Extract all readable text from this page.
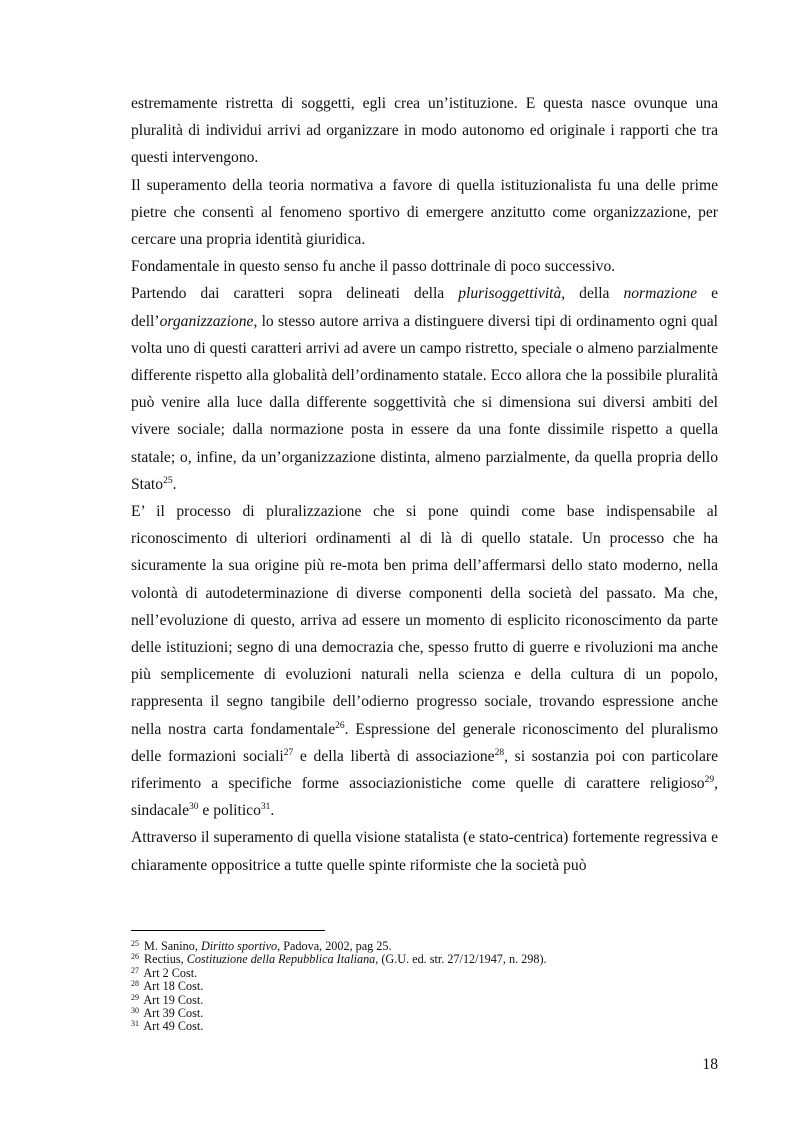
estremamente ristretta di soggetti, egli crea un’istituzione. E questa nasce ovunque una pluralità di individui arrivi ad organizzare in modo autonomo ed originale i rapporti che tra questi intervengono.

Il superamento della teoria normativa a favore di quella istituzionalista fu una delle prime pietre che consentì al fenomeno sportivo di emergere anzitutto come organizzazione, per cercare una propria identità giuridica.

Fondamentale in questo senso fu anche il passo dottrinale di poco successivo.

Partendo dai caratteri sopra delineati della plurisoggettività, della normazione e dell’organizzazione, lo stesso autore arriva a distinguere diversi tipi di ordinamento ogni qual volta uno di questi caratteri arrivi ad avere un campo ristretto, speciale o almeno parzialmente differente rispetto alla globalità dell’ordinamento statale. Ecco allora che la possibile pluralità può venire alla luce dalla differente soggettività che si dimensiona sui diversi ambiti del vivere sociale; dalla normazione posta in essere da una fonte dissimile rispetto a quella statale; o, infine, da un’organizzazione distinta, almeno parzialmente, da quella propria dello Stato$^{25}$.

E’ il processo di pluralizzazione che si pone quindi come base indispensabile al riconoscimento di ulteriori ordinamenti al di là di quello statale. Un processo che ha sicuramente la sua origine più re-mota ben prima dell’affermarsi dello stato moderno, nella volontà di autodeterminazione di diverse componenti della società del passato. Ma che, nell’evoluzione di questo, arriva ad essere un momento di esplicito riconoscimento da parte delle istituzioni; segno di una democrazia che, spesso frutto di guerre e rivoluzioni ma anche più semplicemente di evoluzioni naturali nella scienza e della cultura di un popolo, rappresenta il segno tangibile dell’odierno progresso sociale, trovando espressione anche nella nostra carta fondamentale$^{26}$. Espressione del generale riconoscimento del pluralismo delle formazioni sociali$^{27}$ e della libertà di associazione$^{28}$, si sostanzia poi con particolare riferimento a specifiche forme associazionistiche come quelle di carattere religioso$^{29}$, sindacale$^{30}$ e politico$^{31}$.

Attraverso il superamento di quella visione statalista (e stato-centrica) fortemente regressiva e chiaramente oppositrice a tutte quelle spinte riformiste che la società può

$^{25}$ M. Sanino, Diritto sportivo, Padova, 2002, pag 25.

$^{26}$ Rectius, Costituzione della Repubblica Italiana, (G.U. ed. str. 27/12/1947, n. 298).

$^{27}$ Art 2 Cost.

$^{28}$ Art 18 Cost.

$^{29}$ Art 19 Cost.

$^{30}$ Art 39 Cost.

$^{31}$ Art 49 Cost.

18
